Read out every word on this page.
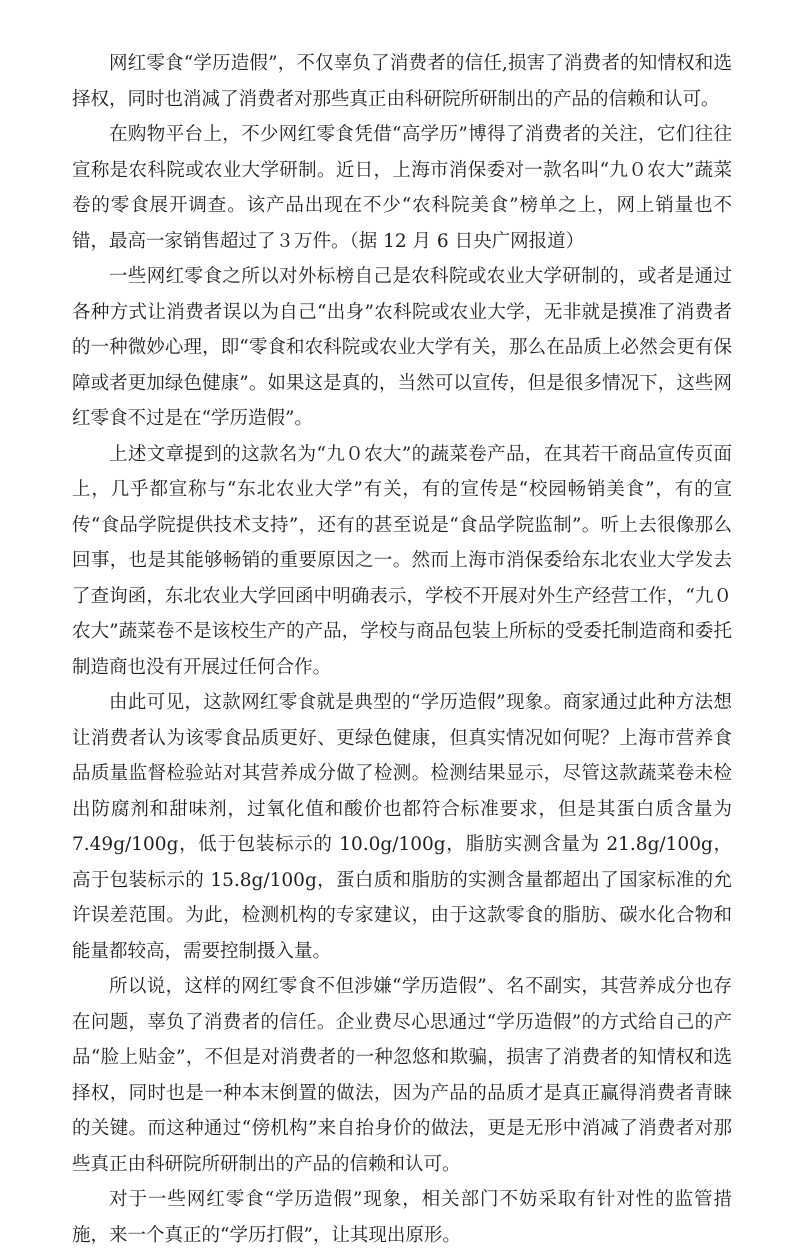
网红零食“学历造假”，不仅辜负了消费者的信任,损害了消费者的知情权和选择权，同时也消减了消费者对那些真正由科研院所研制出的产品的信赖和认可。

在购物平台上，不少网红零食凭借“高学历”博得了消费者的关注，它们往往宣称是农科院或农业大学研制。近日，上海市消保委对一款名叫“九０农大”蔬菜卷的零食展开调查。该产品出现在不少“农科院美食”榜单之上，网上销量也不错，最高一家销售超过了３万件。（据 12 月 6 日央广网报道）

一些网红零食之所以对外标榜自己是农科院或农业大学研制的，或者是通过各种方式让消费者误以为自己“出身”农科院或农业大学，无非就是摸准了消费者的一种微妙心理，即“零食和农科院或农业大学有关，那么在品质上必然会更有保障或者更加绿色健康”。如果这是真的，当然可以宣传，但是很多情况下，这些网红零食不过是在“学历造假”。

上述文章提到的这款名为“九０农大”的蔬菜卷产品，在其若干商品宣传页面上，几乎都宣称与“东北农业大学”有关，有的宣传是“校园畅销美食”，有的宣传“食品学院提供技术支持”，还有的甚至说是“食品学院监制”。听上去很像那么回事，也是其能够畅销的重要原因之一。然而上海市消保委给东北农业大学发去了查询函，东北农业大学回函中明确表示，学校不开展对外生产经营工作，“九０农大”蔬菜卷不是该校生产的产品，学校与商品包装上所标的受委托制造商和委托制造商也没有开展过任何合作。

由此可见，这款网红零食就是典型的“学历造假”现象。商家通过此种方法想让消费者认为该零食品质更好、更绿色健康，但真实情况如何呢？上海市营养食品质量监督检验站对其营养成分做了检测。检测结果显示，尽管这款蔬菜卷未检出防腐剂和甜味剂，过氧化值和酸价也都符合标准要求，但是其蛋白质含量为 7.49g/100g，低于包装标示的 10.0g/100g，脂肪实测含量为 21.8g/100g，高于包装标示的 15.8g/100g，蛋白质和脂肪的实测含量都超出了国家标准的允许误差范围。为此，检测机构的专家建议，由于这款零食的脂肪、碳水化合物和能量都较高，需要控制摄入量。

所以说，这样的网红零食不但涉嫌“学历造假”、名不副实，其营养成分也存在问题，辜负了消费者的信任。企业费尽心思通过“学历造假”的方式给自己的产品“脸上贴金”，不但是对消费者的一种忽悠和欺骗，损害了消费者的知情权和选择权，同时也是一种本末倒置的做法，因为产品的品质才是真正赢得消费者青睐的关键。而这种通过“傍机构”来自抬身价的做法，更是无形中消减了消费者对那些真正由科研院所研制出的产品的信赖和认可。

对于一些网红零食“学历造假”现象，相关部门不妨采取有针对性的监管措施，来一个真正的“学历打假”，让其现出原形。
